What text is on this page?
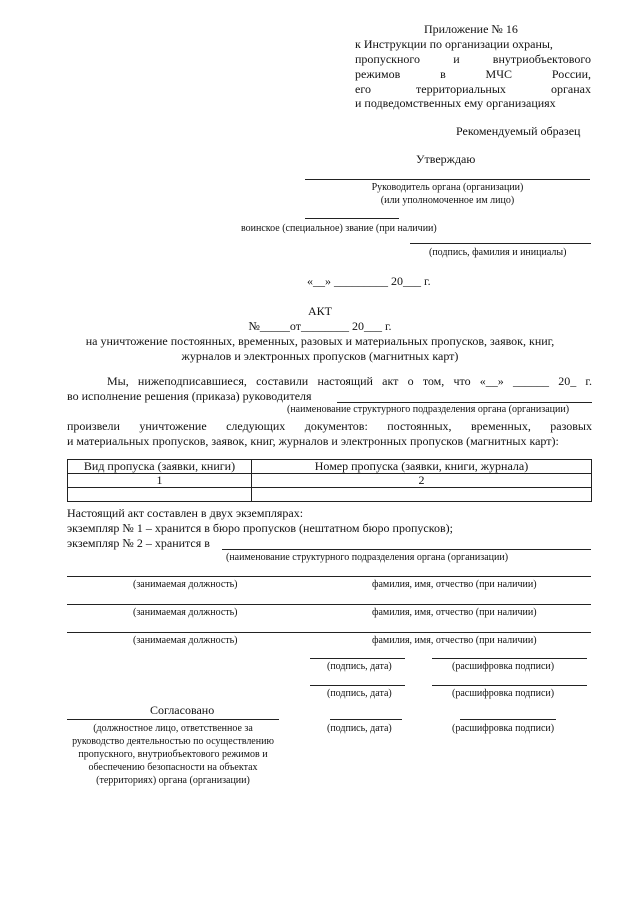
Приложение № 16
к Инструкции по организации охраны,
пропускного и внутриобъектового
режимов в МЧС России,
его территориальных органах
и подведомственных ему организациях
Рекомендуемый образец
Утверждаю
Руководитель органа (организации)
(или уполномоченное им лицо)
воинское (специальное) звание (при наличии)
(подпись, фамилия и инициалы)
«__» _________ 20___ г.
АКТ
№_____от________ 20___ г.
на уничтожение постоянных, временных, разовых и материальных пропусков, заявок, книг,
журналов и электронных пропусков (магнитных карт)
Мы, нижеподписавшиеся, составили настоящий акт о том, что «__» ______ 20_ г.
во исполнение решения (приказа) руководителя
(наименование структурного подразделения органа (организации)
произвели уничтожение следующих документов: постоянных, временных, разовых
и материальных пропусков, заявок, книг, журналов и электронных пропусков (магнитных карт):
Вид пропуска (заявки, книги)	Номер пропуска (заявки, книги, журнала)
1	2

Настоящий акт составлен в двух экземплярах:
экземпляр № 1 – хранится в бюро пропусков (нештатном бюро пропусков);
экземпляр № 2 – хранится в
(наименование структурного подразделения органа (организации)
(занимаемая должность)	фамилия, имя, отчество (при наличии)
(занимаемая должность)	фамилия, имя, отчество (при наличии)
(занимаемая должность)	фамилия, имя, отчество (при наличии)
(подпись, дата)	(расшифровка подписи)
(подпись, дата)	(расшифровка подписи)
Согласовано
(подпись, дата)	(расшифровка подписи)
(должностное лицо, ответственное за
руководство деятельностью по осуществлению
пропускного, внутриобъектового режимов и
обеспечению безопасности на объектах
(территориях) органа (организации)
